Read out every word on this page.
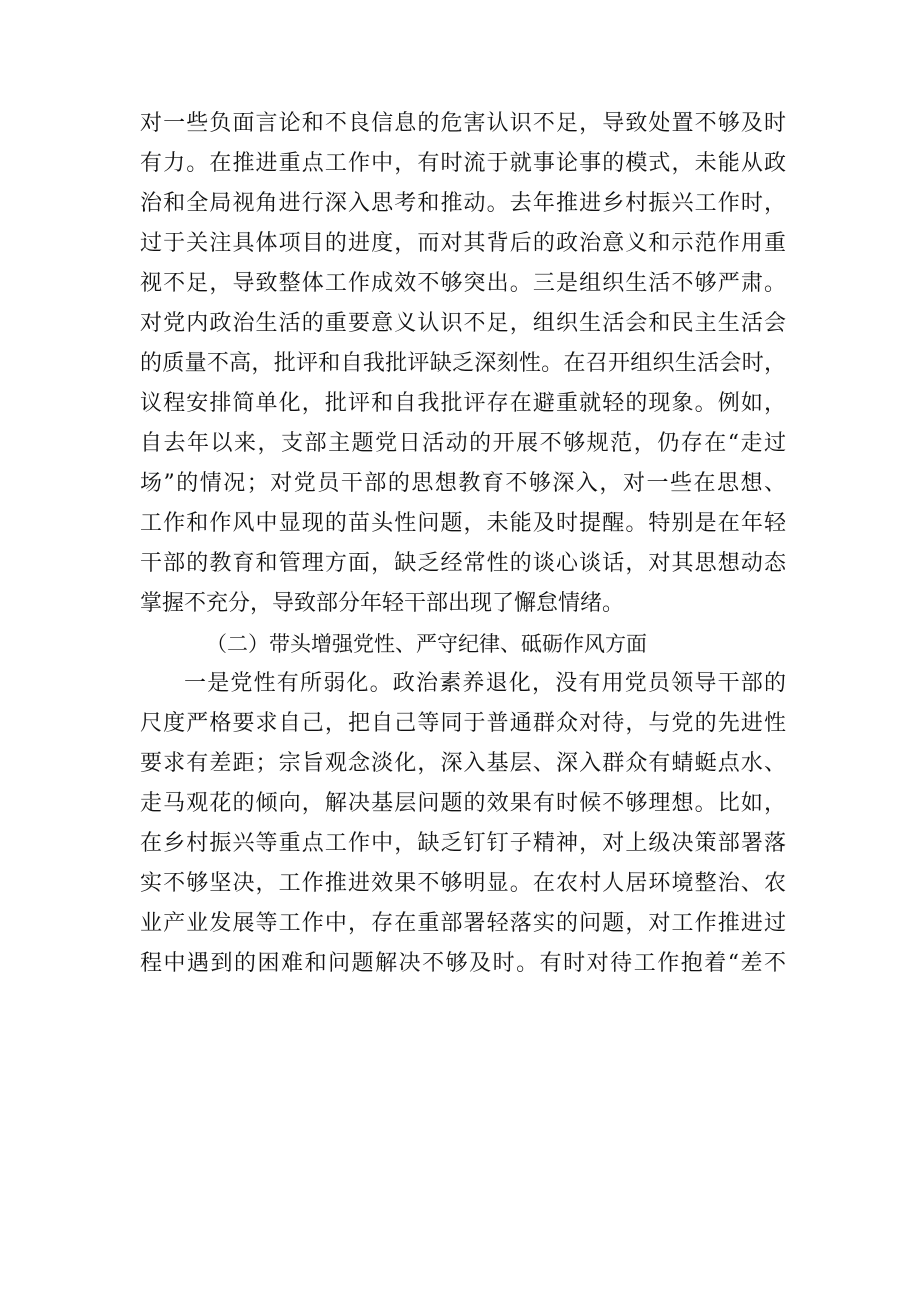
对一些负面言论和不良信息的危害认识不足，导致处置不够及时
有力。在推进重点工作中，有时流于就事论事的模式，未能从政
治和全局视角进行深入思考和推动。去年推进乡村振兴工作时，
过于关注具体项目的进度，而对其背后的政治意义和示范作用重
视不足，导致整体工作成效不够突出。三是组织生活不够严肃。
对党内政治生活的重要意义认识不足，组织生活会和民主生活会
的质量不高，批评和自我批评缺乏深刻性。在召开组织生活会时，
议程安排简单化，批评和自我批评存在避重就轻的现象。例如，
自去年以来，支部主题党日活动的开展不够规范，仍存在“走过
场”的情况；对党员干部的思想教育不够深入，对一些在思想、
工作和作风中显现的苗头性问题，未能及时提醒。特别是在年轻
干部的教育和管理方面，缺乏经常性的谈心谈话，对其思想动态
掌握不充分，导致部分年轻干部出现了懈怠情绪。
（二）带头增强党性、严守纪律、砥砺作风方面
一是党性有所弱化。政治素养退化，没有用党员领导干部的
尺度严格要求自己，把自己等同于普通群众对待，与党的先进性
要求有差距；宗旨观念淡化，深入基层、深入群众有蜻蜓点水、
走马观花的倾向，解决基层问题的效果有时候不够理想。比如，
在乡村振兴等重点工作中，缺乏钉钉子精神，对上级决策部署落
实不够坚决，工作推进效果不够明显。在农村人居环境整治、农
业产业发展等工作中，存在重部署轻落实的问题，对工作推进过
程中遇到的困难和问题解决不够及时。有时对待工作抱着“差不
